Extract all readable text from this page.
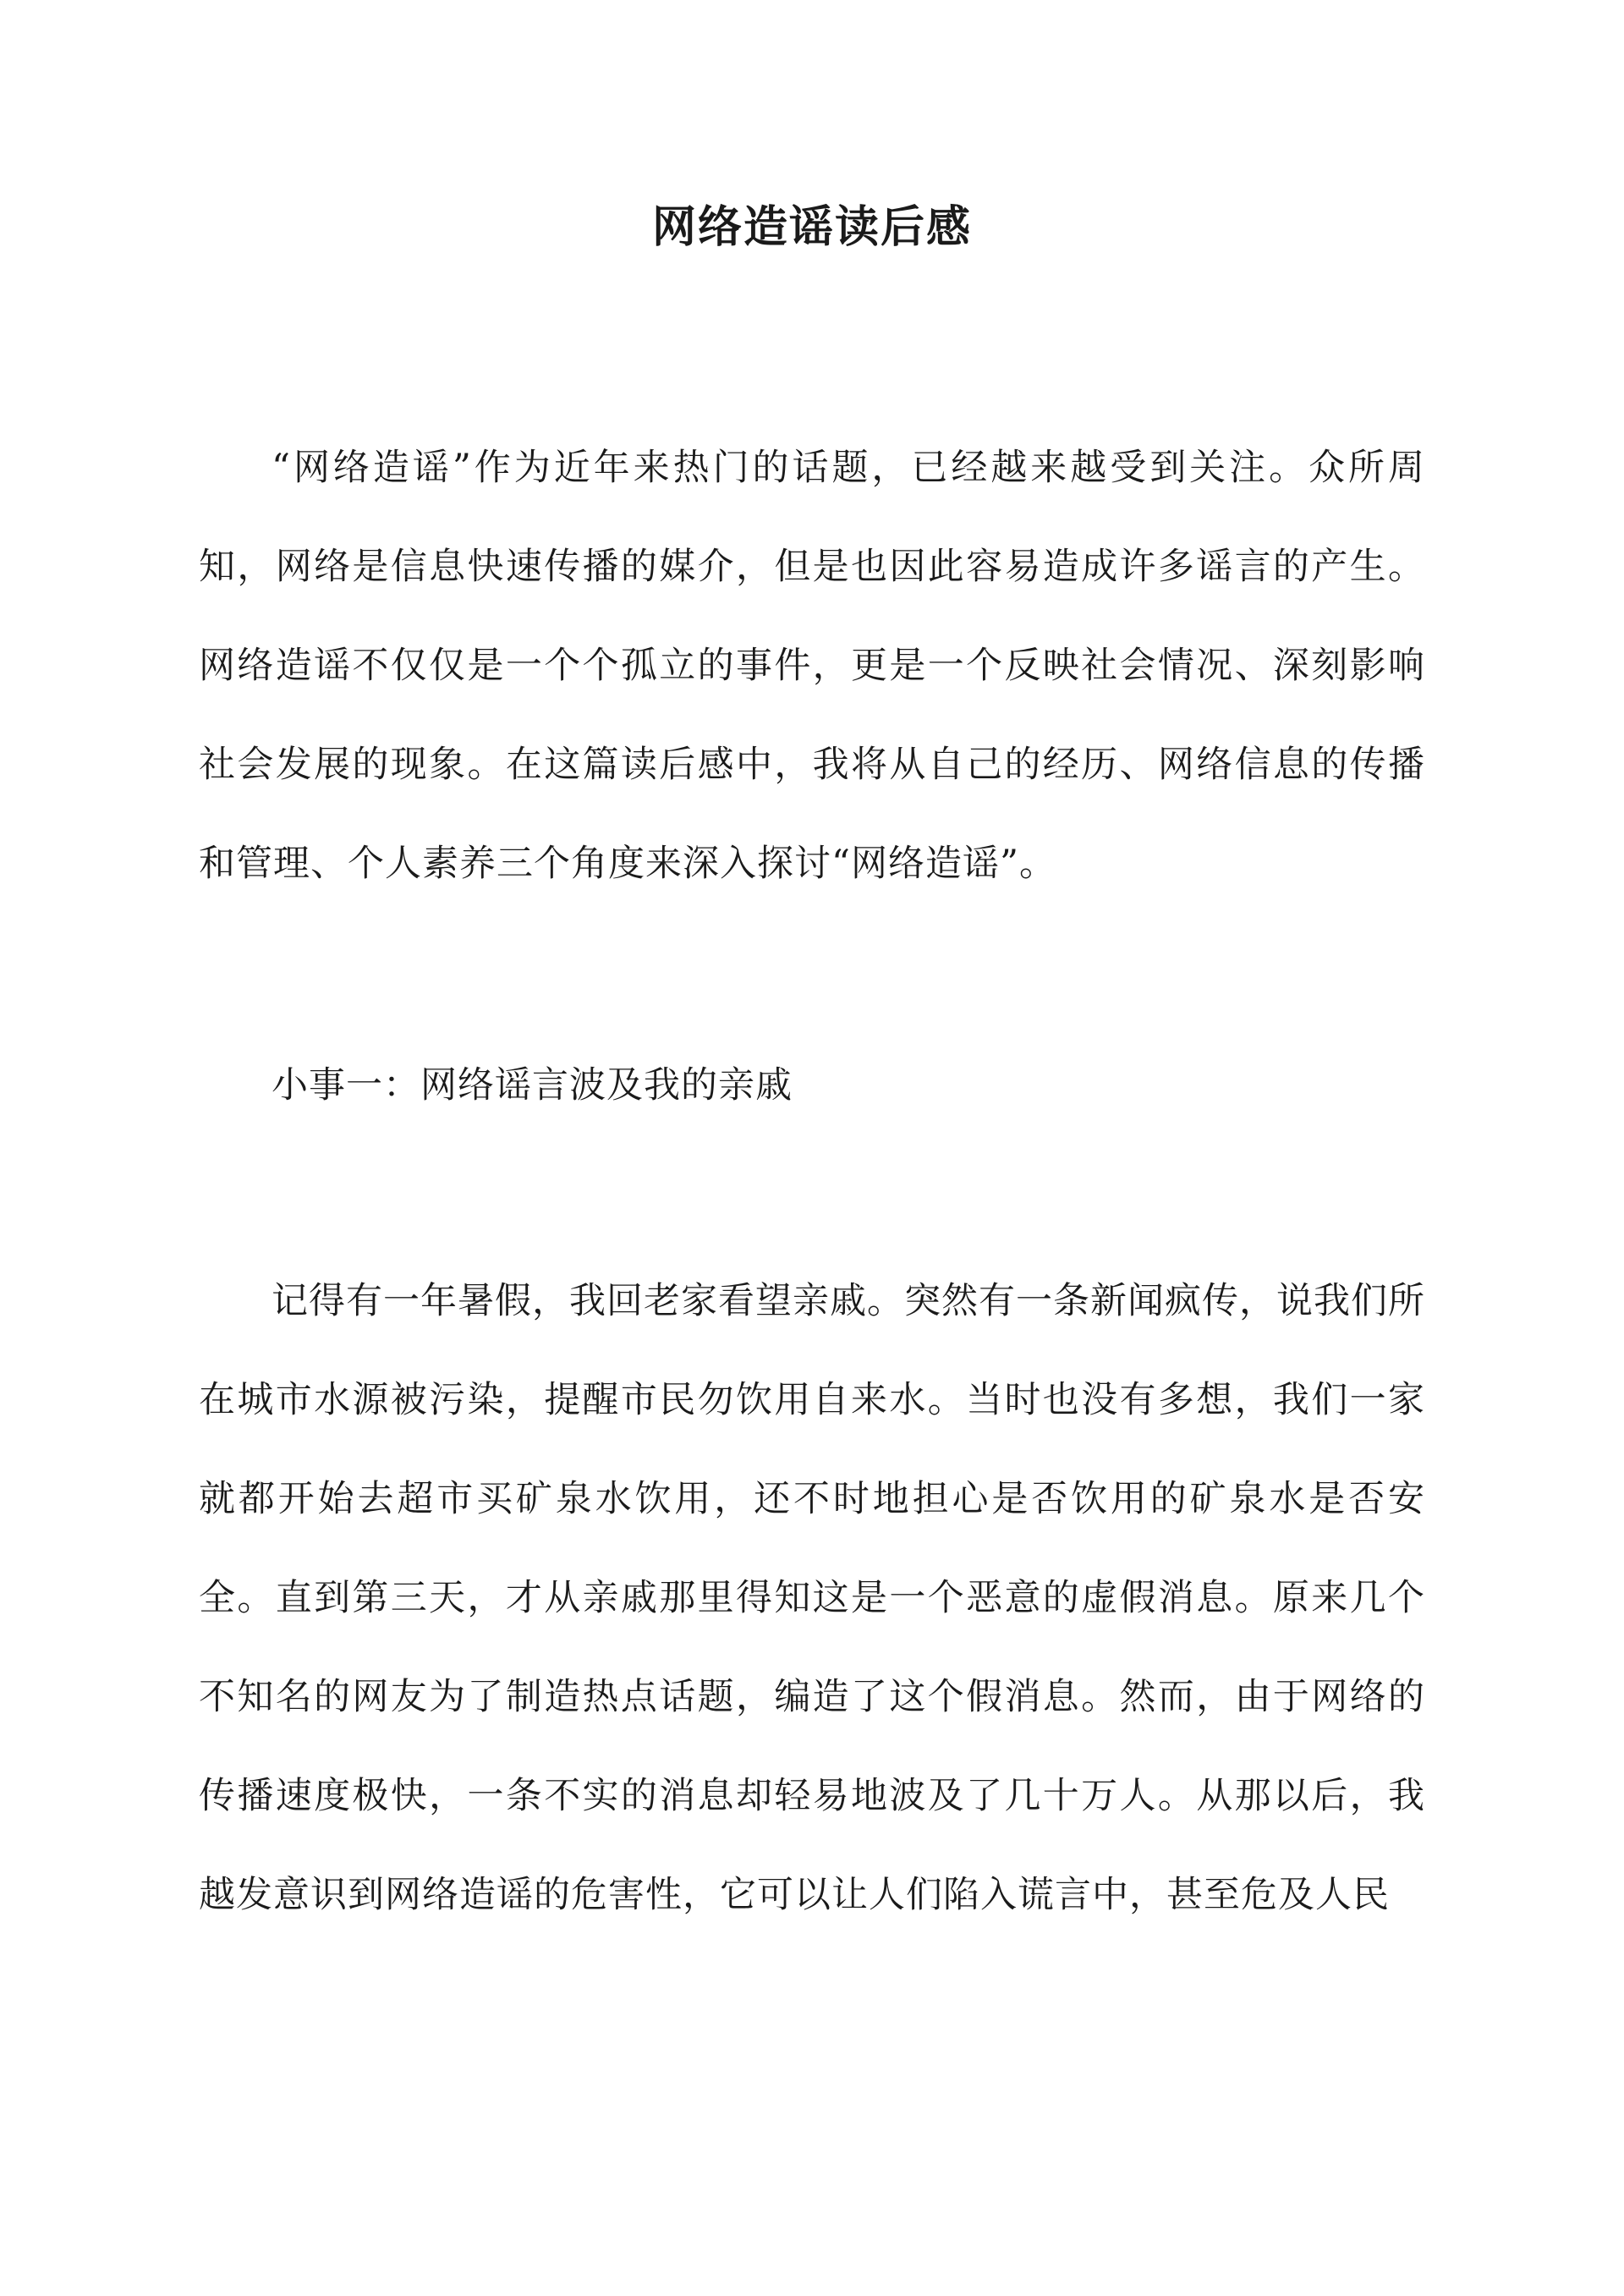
网络造谣读后感

“网络造谣”作为近年来热门的话题，已经越来越受到关注。众所周知，网络是信息快速传播的媒介，但是也因此容易造成许多谣言的产生。网络造谣不仅仅是一个个孤立的事件，更是一个反映社会情况、深刻影响社会发展的现象。在这篇读后感中，我将从自己的经历、网络信息的传播和管理、个人素养三个角度来深入探讨“网络造谣”。

小事一：网络谣言波及我的亲戚

记得有一年暑假，我回老家看望亲戚。突然有一条新闻疯传，说我们所在城市水源被污染，提醒市民勿饮用自来水。当时也没有多想，我们一家就都开始去超市买矿泉水饮用，还不时地担心是否饮用的矿泉水是否安全。直到第三天，才从亲戚那里得知这是一个恶意的虚假消息。原来几个不知名的网友为了制造热点话题，编造了这个假消息。然而，由于网络的传播速度极快，一条不实的消息却轻易地波及了几十万人。从那以后，我越发意识到网络造谣的危害性，它可以让人们陷入谎言中，甚至危及人民
